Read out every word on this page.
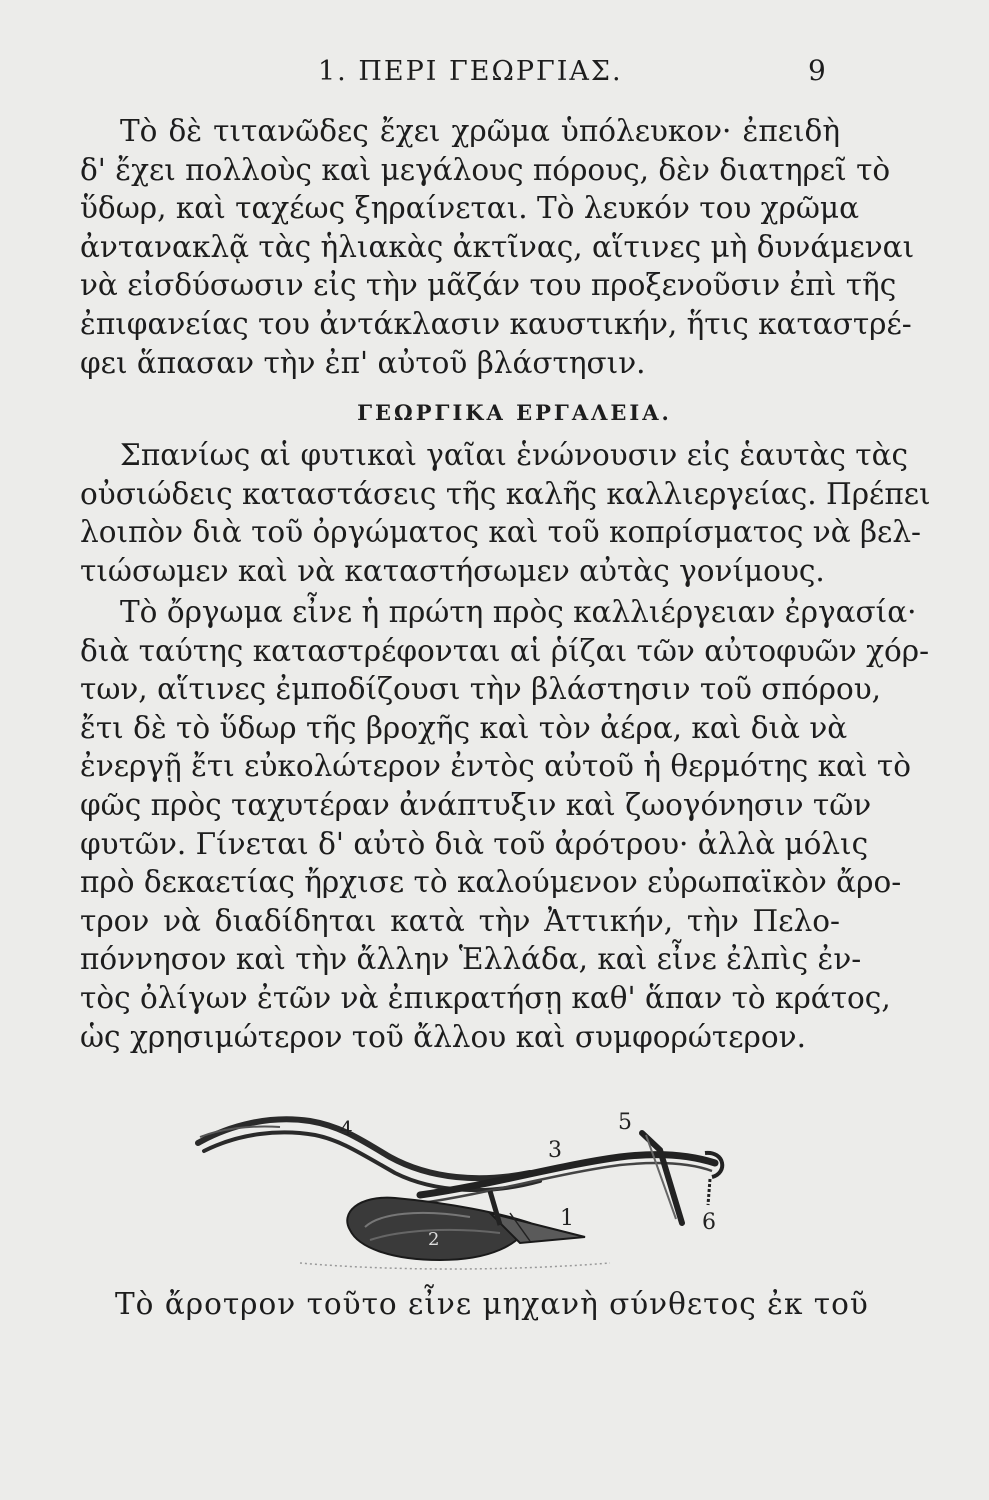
1. ΠΕΡΙ ΓΕΩΡΓΙΑΣ.	9
Τὸ δὲ τιτανῶδες ἔχει χρῶμα ὑπόλευκον· ἐπειδὴ
δ' ἔχει πολλοὺς καὶ μεγάλους πόρους, δὲν διατηρεῖ τὸ
ὕδωρ, καὶ ταχέως ξηραίνεται. Τὸ λευκόν του χρῶμα
ἀντανακλᾷ τὰς ἡλιακὰς ἀκτῖνας, αἵτινες μὴ δυνάμεναι
νὰ εἰσδύσωσιν εἰς τὴν μᾶζάν του προξενοῦσιν ἐπὶ τῆς
ἐπιφανείας του ἀντάκλασιν καυστικήν, ἥτις καταστρέ-
φει ἅπασαν τὴν ἐπ' αὐτοῦ βλάστησιν.
ΓΕΩΡΓΙΚΑ ΕΡΓΑΛΕΙΑ.
Σπανίως αἱ φυτικαὶ γαῖαι ἑνώνουσιν εἰς ἑαυτὰς τὰς
οὐσιώδεις καταστάσεις τῆς καλῆς καλλιεργείας. Πρέπει
λοιπὸν διὰ τοῦ ὀργώματος καὶ τοῦ κοπρίσματος νὰ βελ-
τιώσωμεν καὶ νὰ καταστήσωμεν αὐτὰς γονίμους.
Τὸ ὄργωμα εἶνε ἡ πρώτη πρὸς καλλιέργειαν ἐργασία·
διὰ ταύτης καταστρέφονται αἱ ῥίζαι τῶν αὐτοφυῶν χόρ-
των, αἵτινες ἐμποδίζουσι τὴν βλάστησιν τοῦ σπόρου,
ἔτι δὲ τὸ ὕδωρ τῆς βροχῆς καὶ τὸν ἀέρα, καὶ διὰ νὰ
ἐνεργῇ ἔτι εὐκολώτερον ἐντὸς αὐτοῦ ἡ θερμότης καὶ τὸ
φῶς πρὸς ταχυτέραν ἀνάπτυξιν καὶ ζωογόνησιν τῶν
φυτῶν. Γίνεται δ' αὐτὸ διὰ τοῦ ἀρότρου· ἀλλὰ μόλις
πρὸ δεκαετίας ἤρχισε τὸ καλούμενον εὐρωπαϊκὸν ἄρο-
τρον νὰ διαδίδηται κατὰ τὴν Ἀττικήν, τὴν Πελο-
πόννησον καὶ τὴν ἄλλην Ἑλλάδα, καὶ εἶνε ἐλπὶς ἐν-
τὸς ὀλίγων ἐτῶν νὰ ἐπικρατήσῃ καθ' ἅπαν τὸ κράτος,
ὡς χρησιμώτερον τοῦ ἄλλου καὶ συμφορώτερον.
4	5
3
1
2
6
Τὸ ἄροτρον τοῦτο εἶνε μηχανὴ σύνθετος ἐκ τοῦ
